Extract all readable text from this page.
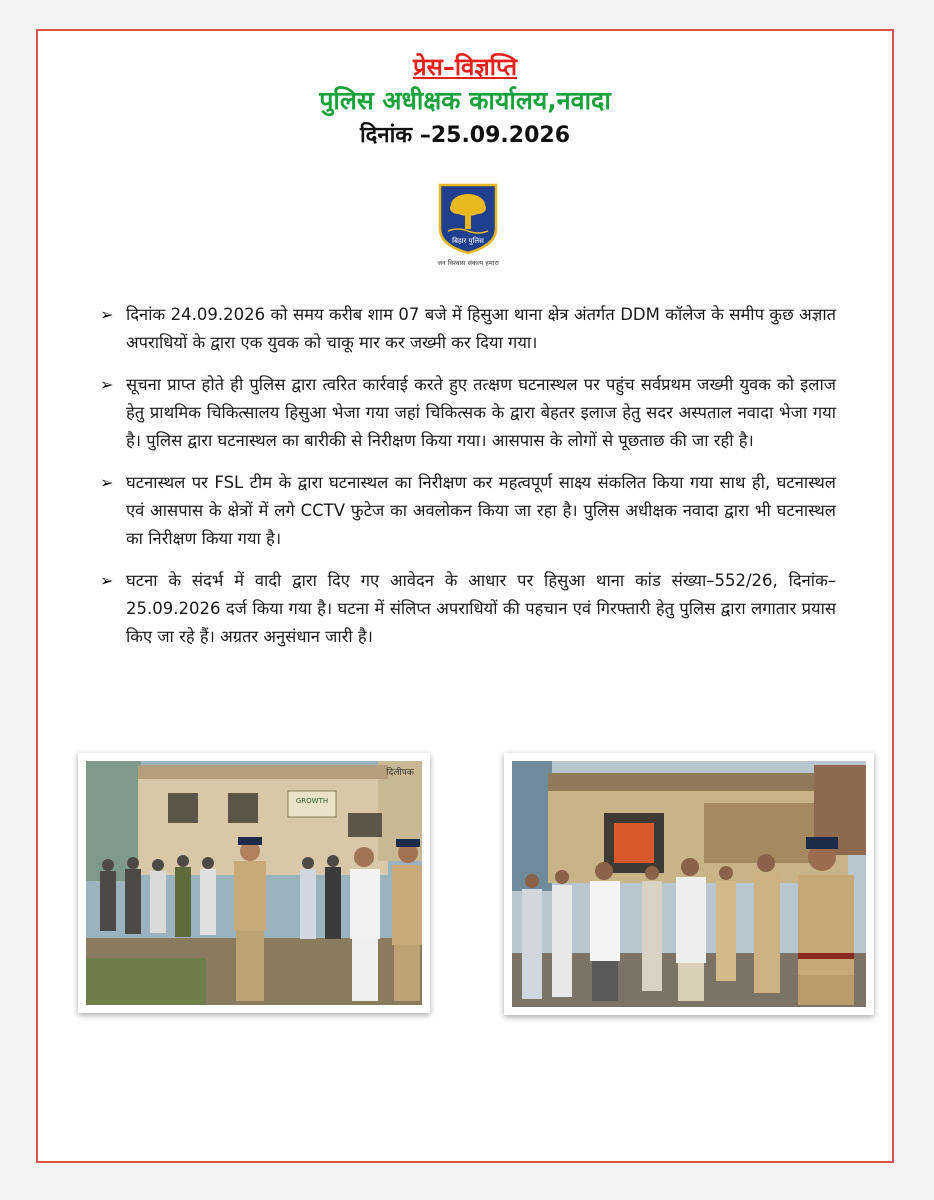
प्रेस–विज्ञप्ति
पुलिस अधीक्षक कार्यालय,नवादा
दिनांक –25.09.2026
बिहार पुलिस
जन विश्वास संकल्प हमारा

➢ दिनांक 24.09.2026 को समय करीब शाम 07 बजे में हिसुआ थाना क्षेत्र अंतर्गत DDM कॉलेज के समीप कुछ अज्ञात अपराधियों के द्वारा एक युवक को चाकू मार कर जख्मी कर दिया गया।

➢ सूचना प्राप्त होते ही पुलिस द्वारा त्वरित कार्रवाई करते हुए तत्क्षण घटनास्थल पर पहुंच सर्वप्रथम जख्मी युवक को इलाज हेतु प्राथमिक चिकित्सालय हिसुआ भेजा गया जहां चिकित्सक के द्वारा बेहतर इलाज हेतु सदर अस्पताल नवादा भेजा गया है। पुलिस द्वारा घटनास्थल का बारीकी से निरीक्षण किया गया। आसपास के लोगों से पूछताछ की जा रही है।

➢ घटनास्थल पर FSL टीम के द्वारा घटनास्थल का निरीक्षण कर महत्वपूर्ण साक्ष्य संकलित किया गया साथ ही, घटनास्थल एवं आसपास के क्षेत्रों में लगे CCTV फुटेज का अवलोकन किया जा रहा है। पुलिस अधीक्षक नवादा द्वारा भी घटनास्थल का निरीक्षण किया गया है।

➢ घटना के संदर्भ में वादी द्वारा दिए गए आवेदन के आधार पर हिसुआ थाना कांड संख्या–552/26, दिनांक–25.09.2026 दर्ज किया गया है। घटना में संलिप्त अपराधियों की पहचान एवं गिरफ्तारी हेतु पुलिस द्वारा लगातार प्रयास किए जा रहे हैं। अग्रतर अनुसंधान जारी है।

GROWTH
दिलीपक
